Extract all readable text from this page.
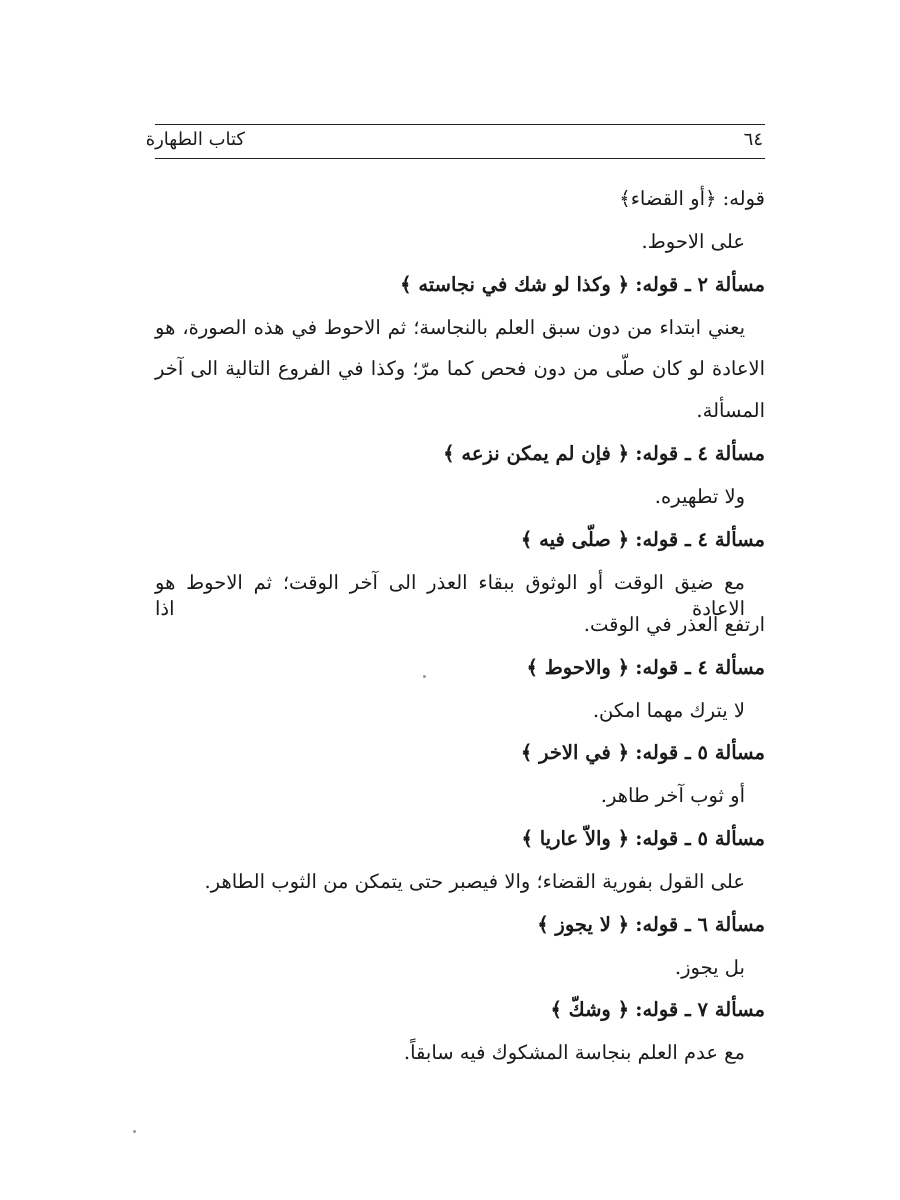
٦٤
كتاب الطهارة
قوله: ﴿أو القضاء﴾
على الاحوط.
مسألة ٢ ـ قوله: ﴿ وكذا لو شك في نجاسته ﴾
يعني ابتداء من دون سبق العلم بالنجاسة؛ ثم الاحوط في هذه الصورة، هو
الاعادة لو كان صلّى من دون فحص كما مرّ؛ وكذا في الفروع التالية الى آخر
المسألة.
مسألة ٤ ـ قوله: ﴿ فإن لم يمكن نزعه ﴾
ولا تطهيره.
مسألة ٤ ـ قوله: ﴿ صلّى فيه ﴾
مع ضيق الوقت أو الوثوق ببقاء العذر الى آخر الوقت؛ ثم الاحوط هو الاعادة اذا
ارتفع العذر في الوقت.
مسألة ٤ ـ قوله: ﴿ والاحوط ﴾
لا يترك مهما امكن.
مسألة ٥ ـ قوله: ﴿ في الاخر ﴾
أو ثوب آخر طاهر.
مسألة ٥ ـ قوله: ﴿ والاّ عاريا ﴾
على القول بفورية القضاء؛ والا فيصبر حتى يتمكن من الثوب الطاهر.
مسألة ٦ ـ قوله: ﴿ لا يجوز ﴾
بل يجوز.
مسألة ٧ ـ قوله: ﴿ وشكّ ﴾
مع عدم العلم بنجاسة المشكوك فيه سابقاً.
